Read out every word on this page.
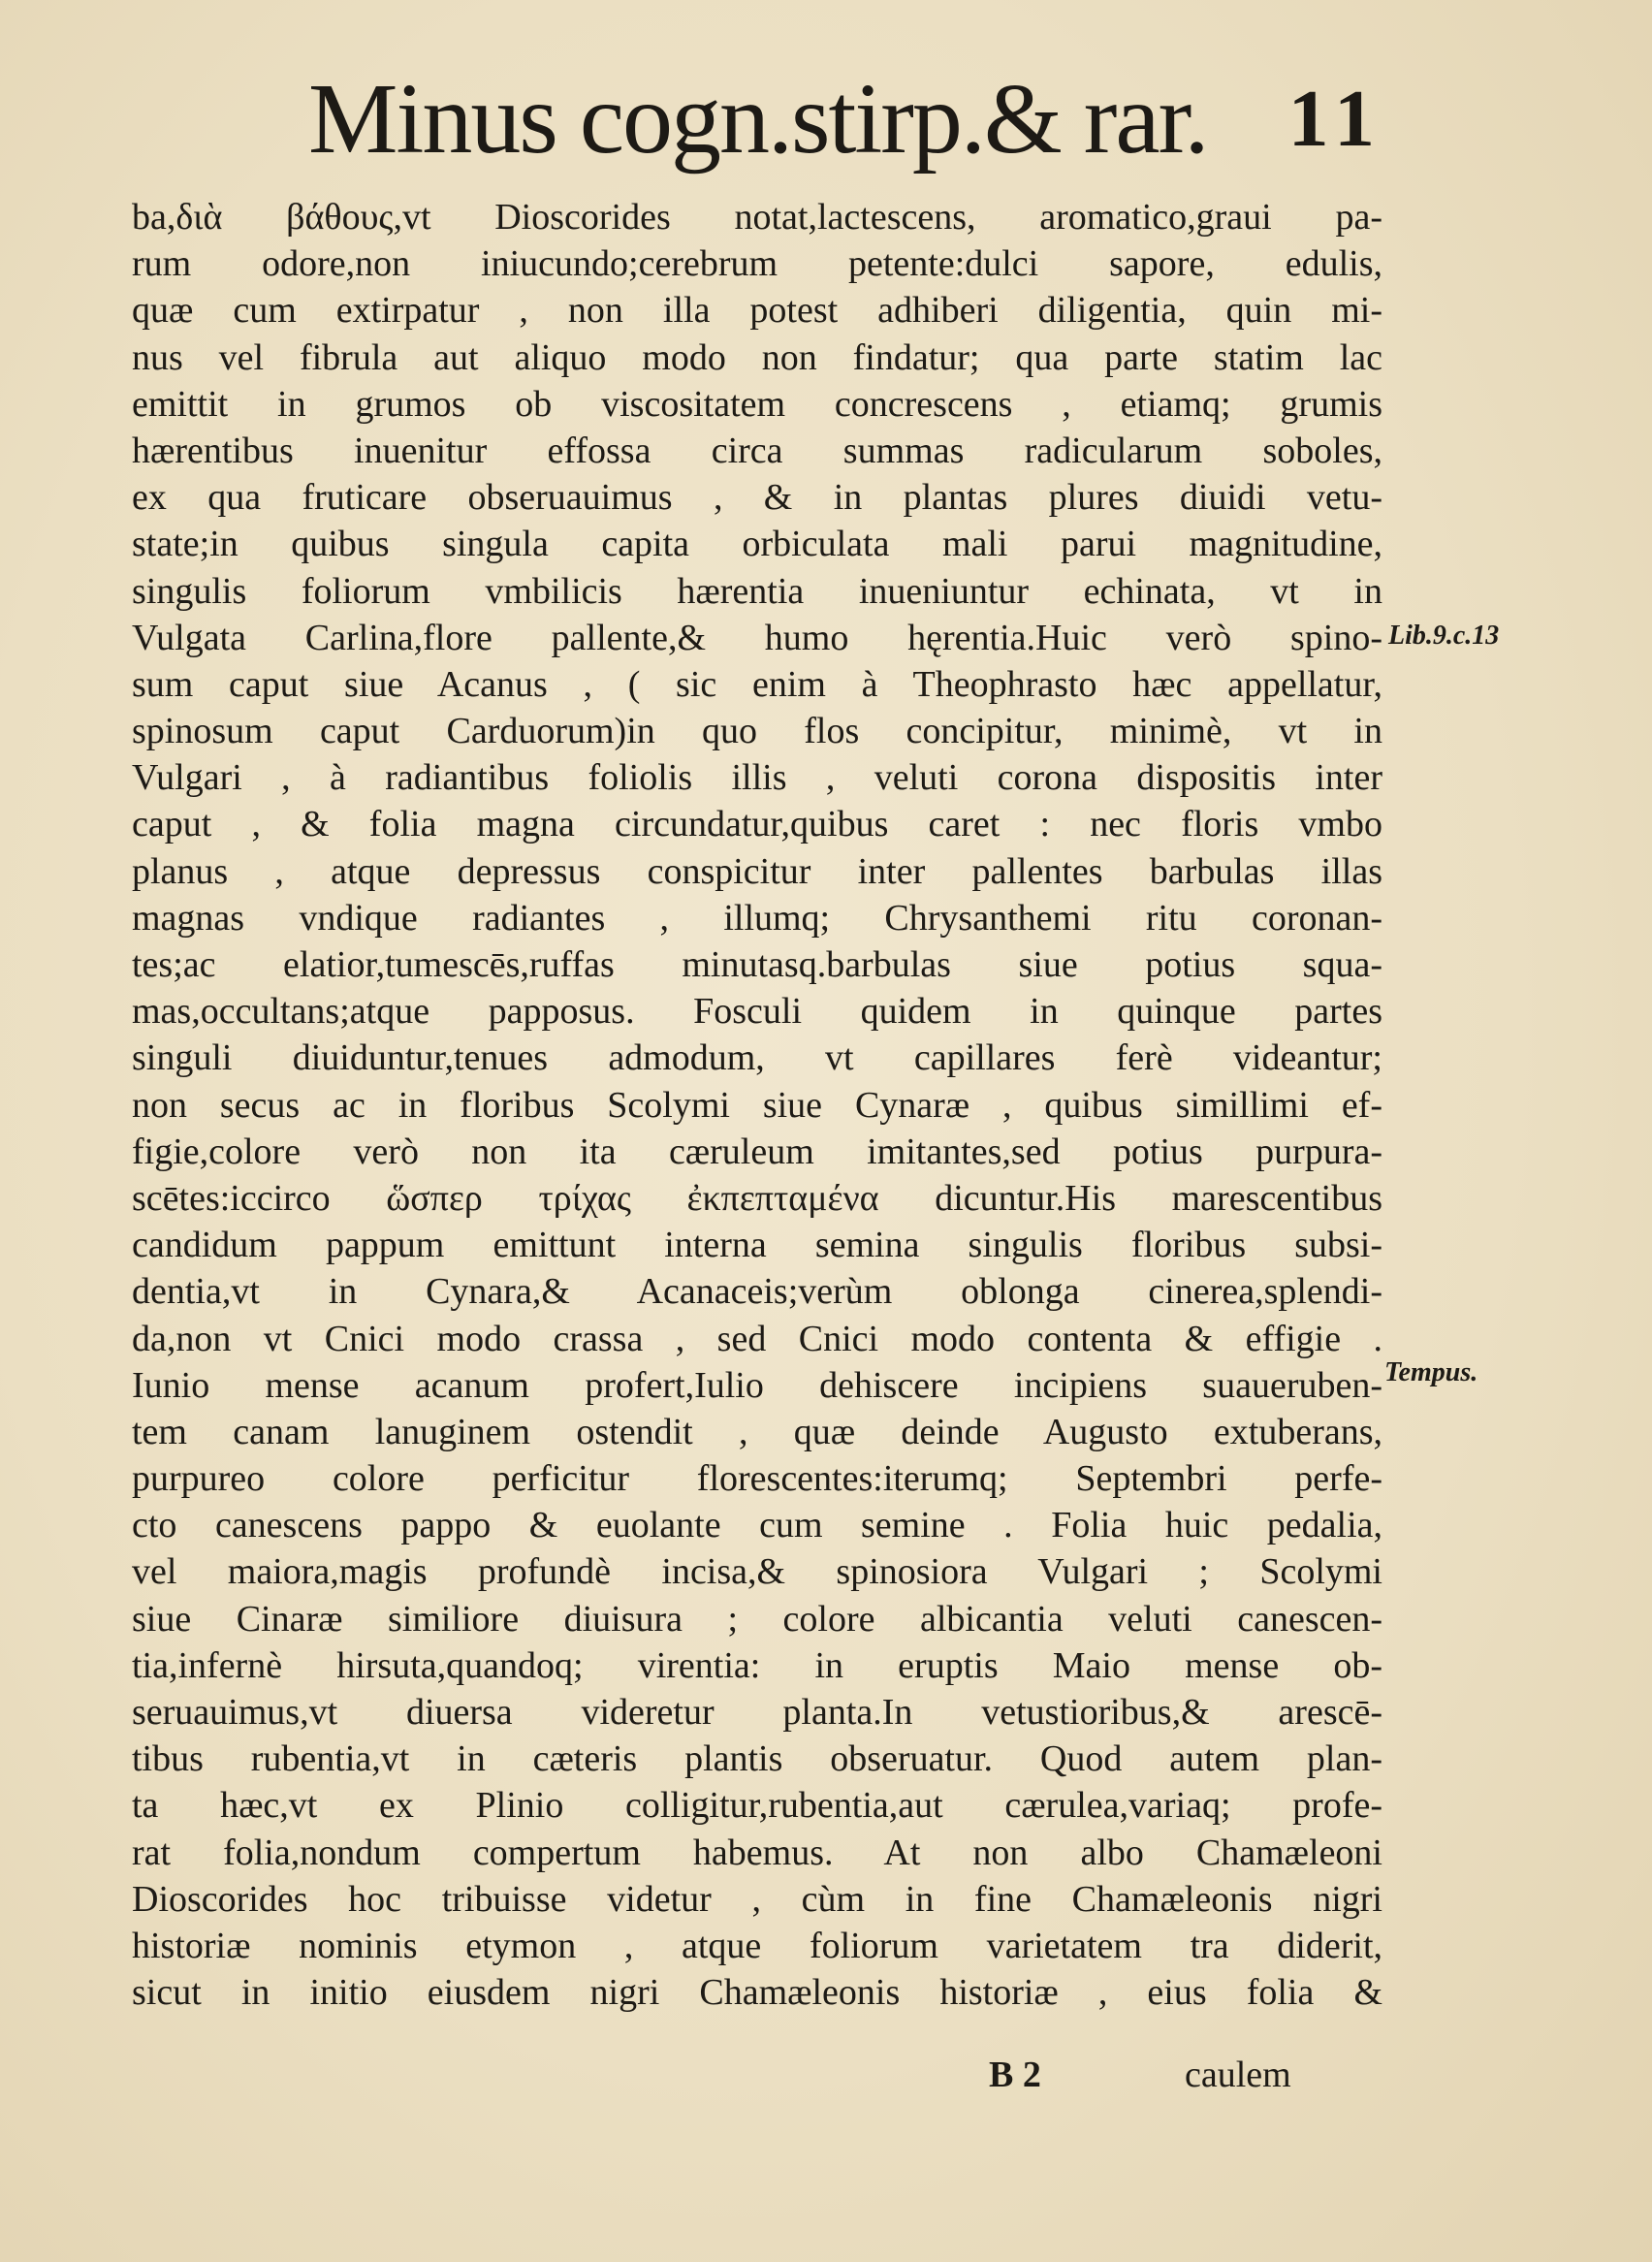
Minus cogn.stirp.& rar. 11
ba,διὰ βάθους,vt Dioscorides notat,lactescens, aromatico,graui pa-
rum odore,non iniucundo;cerebrum petente:dulci sapore, edulis,
quæ cum extirpatur , non illa potest adhiberi diligentia, quin mi-
nus vel fibrula aut aliquo modo non findatur; qua parte statim lac
emittit in grumos ob viscositatem concrescens , etiamq; grumis
hærentibus inuenitur effossa circa summas radicularum soboles,
ex qua fruticare obseruauimus , & in plantas plures diuidi vetu-
state;in quibus singula capita orbiculata mali parui magnitudine,
singulis foliorum vmbilicis hærentia inueniuntur echinata, vt in
Vulgata Carlina,flore pallente,& humo hęrentia.Huic verò spino-
sum caput siue Acanus , ( sic enim à Theophrasto hæc appellatur,
spinosum caput Carduorum)in quo flos concipitur, minimè, vt in
Vulgari , à radiantibus foliolis illis , veluti corona dispositis inter
caput , & folia magna circundatur,quibus caret : nec floris vmbo
planus , atque depressus conspicitur inter pallentes barbulas illas
magnas vndique radiantes , illumq; Chrysanthemi ritu coronan-
tes;ac elatior,tumescēs,ruffas minutasq.barbulas siue potius squa-
mas,occultans;atque papposus. Fosculi quidem in quinque partes
singuli diuiduntur,tenues admodum, vt capillares ferè videantur;
non secus ac in floribus Scolymi siue Cynaræ , quibus simillimi ef-
figie,colore verò non ita cæruleum imitantes,sed potius purpura-
scētes:iccirco ὥσπερ τρίχας ἐκπεπταμένα dicuntur.His marescentibus
candidum pappum emittunt interna semina singulis floribus subsi-
dentia,vt in Cynara,& Acanaceis;verùm oblonga cinerea,splendi-
da,non vt Cnici modo crassa , sed Cnici modo contenta & effigie .
Iunio mense acanum profert,Iulio dehiscere incipiens suaueruben-
tem canam lanuginem ostendit , quæ deinde Augusto extuberans,
purpureo colore perficitur florescentes:iterumq; Septembri perfe-
cto canescens pappo & euolante cum semine . Folia huic pedalia,
vel maiora,magis profundè incisa,& spinosiora Vulgari ; Scolymi
siue Cinaræ similiore diuisura ; colore albicantia veluti canescen-
tia,infernè hirsuta,quandoq; virentia: in eruptis Maio mense ob-
seruauimus,vt diuersa videretur planta.In vetustioribus,& arescē-
tibus rubentia,vt in cæteris plantis obseruatur. Quod autem plan-
ta hæc,vt ex Plinio colligitur,rubentia,aut cærulea,variaq; profe-
rat folia,nondum compertum habemus. At non albo Chamæleoni
Dioscorides hoc tribuisse videtur , cùm in fine Chamæleonis nigri
historiæ nominis etymon , atque foliorum varietatem tra diderit,
sicut in initio eiusdem nigri Chamæleonis historiæ , eius folia &
Lib.9.c.13
Tempus.
B 2	caulem
